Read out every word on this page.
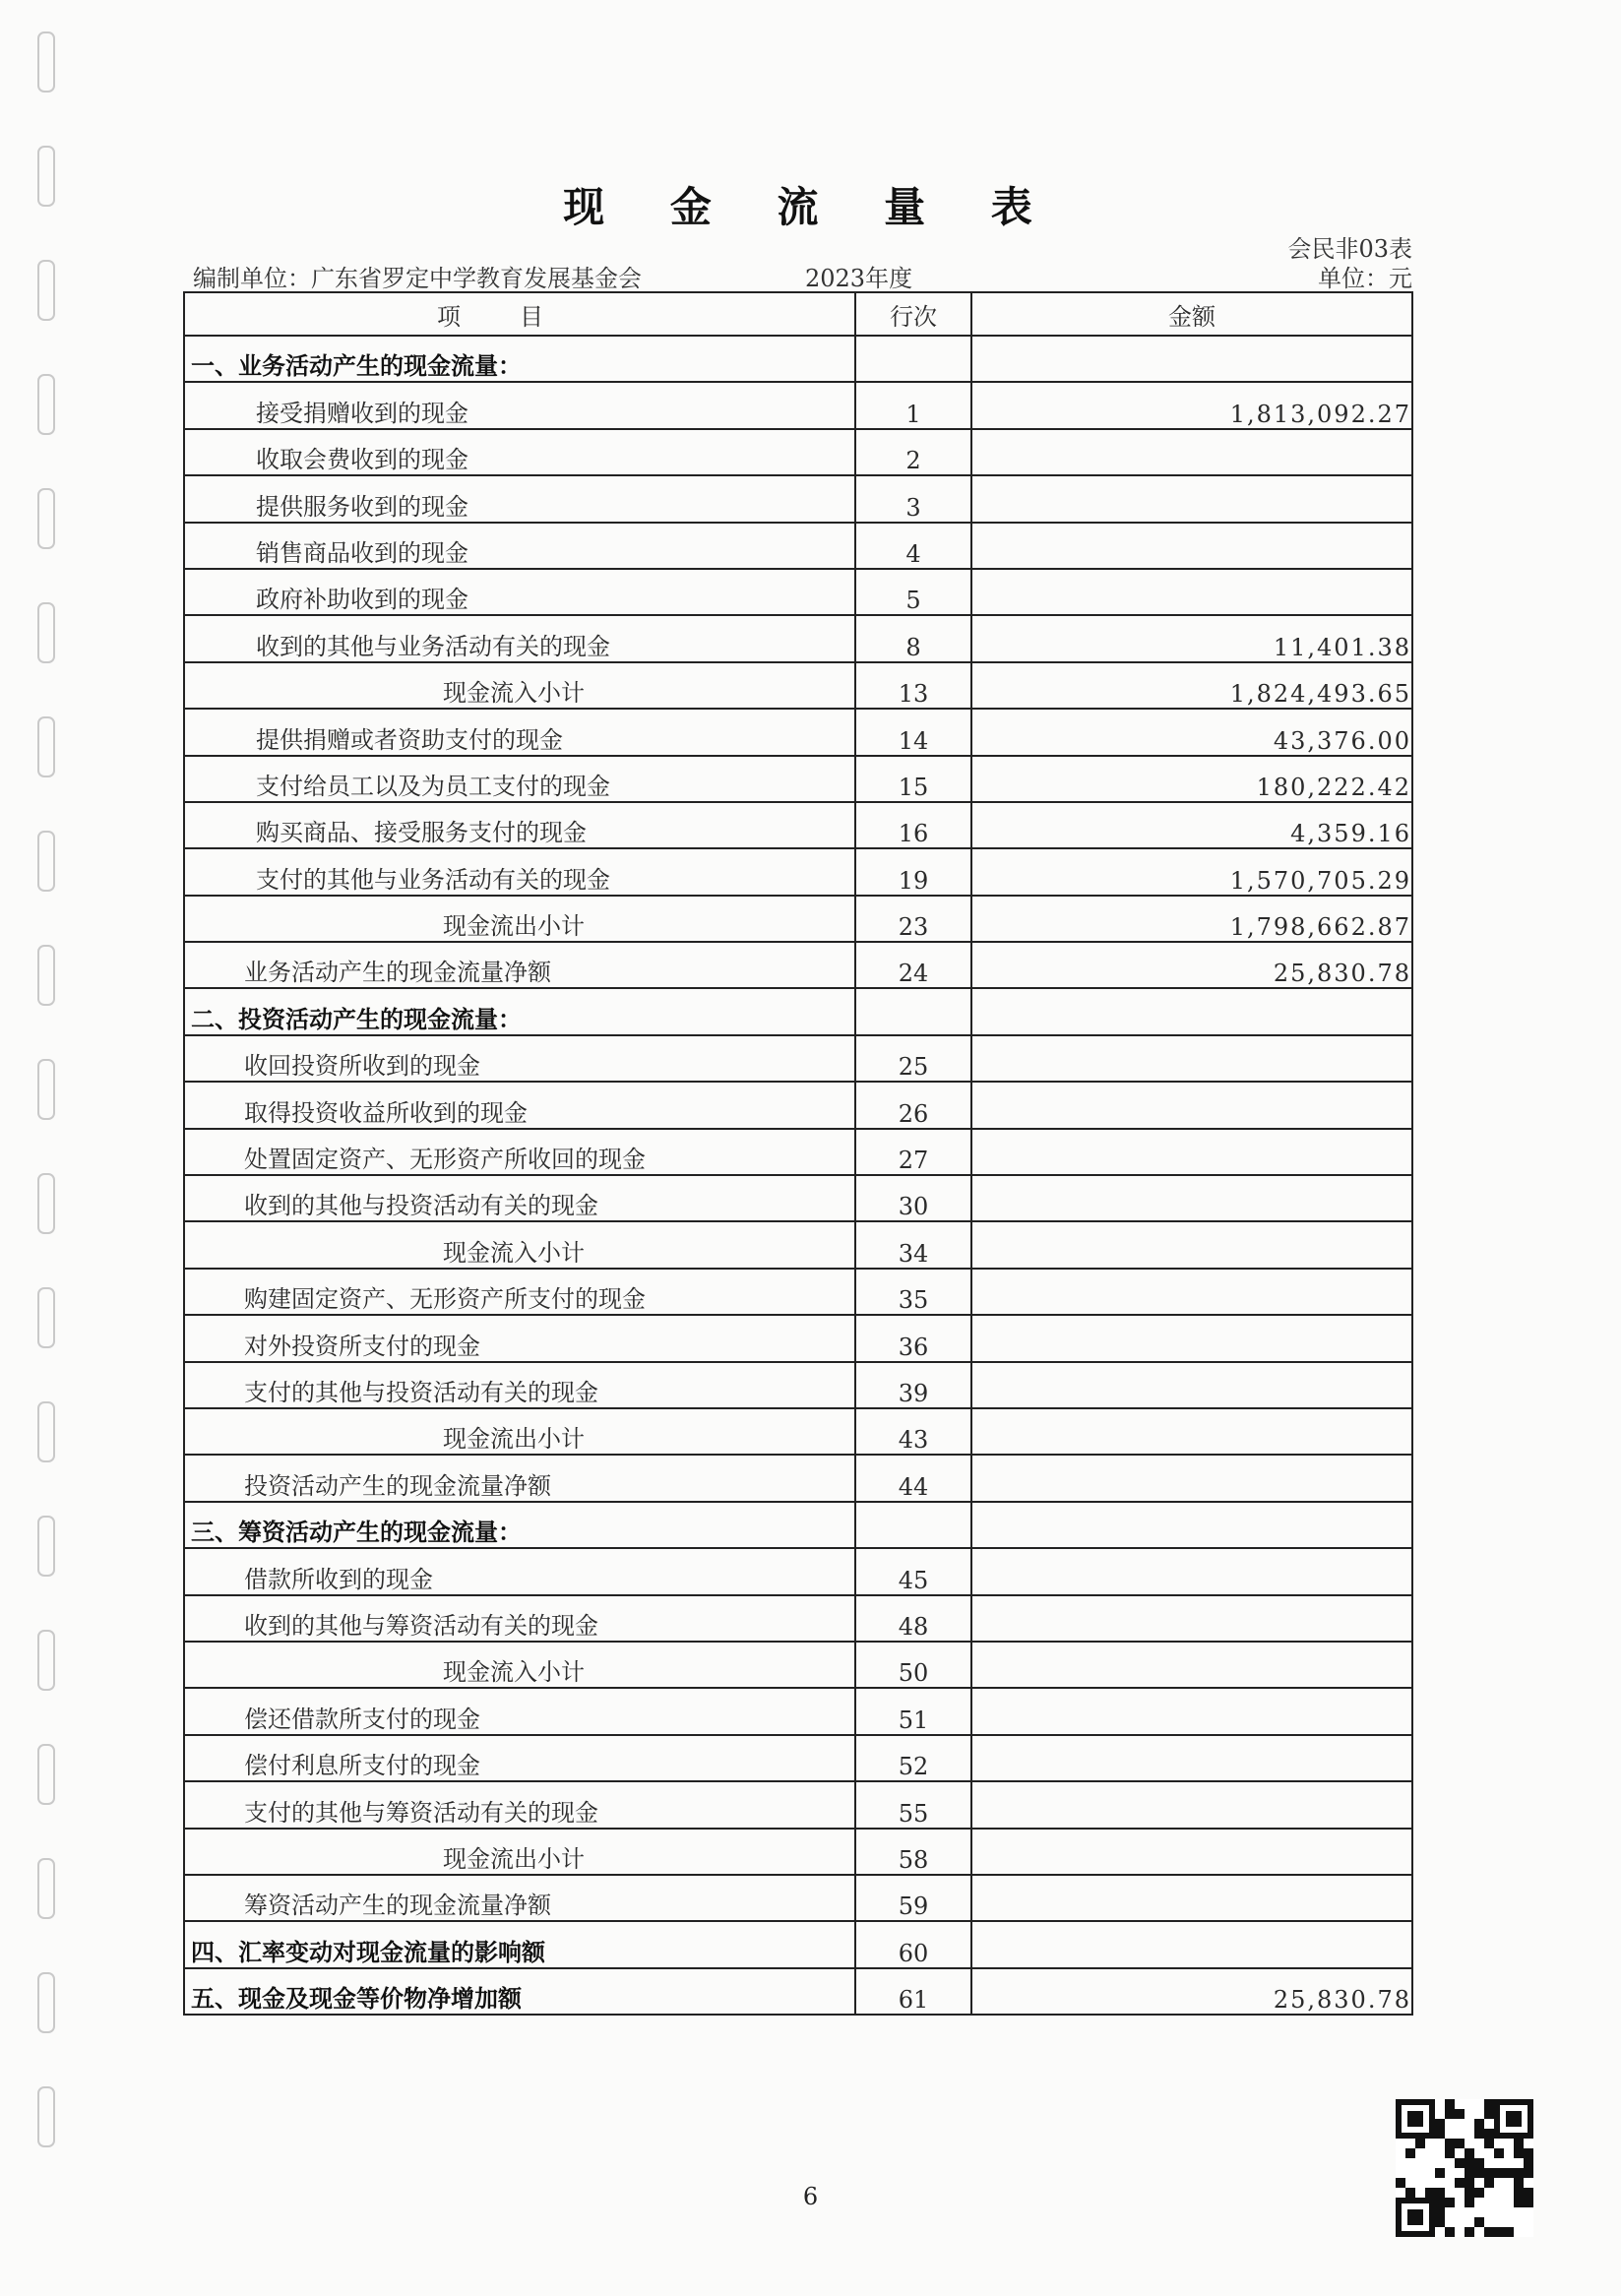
现 金 流 量 表
会民非03表
编制单位：广东省罗定中学教育发展基金会	2023年度	单位：元
项目	行次	金额
一、业务活动产生的现金流量：		
接受捐赠收到的现金	1	1,813,092.27
收取会费收到的现金	2	
提供服务收到的现金	3	
销售商品收到的现金	4	
政府补助收到的现金	5	
收到的其他与业务活动有关的现金	8	11,401.38
现金流入小计	13	1,824,493.65
提供捐赠或者资助支付的现金	14	43,376.00
支付给员工以及为员工支付的现金	15	180,222.42
购买商品、接受服务支付的现金	16	4,359.16
支付的其他与业务活动有关的现金	19	1,570,705.29
现金流出小计	23	1,798,662.87
业务活动产生的现金流量净额	24	25,830.78
二、投资活动产生的现金流量：		
收回投资所收到的现金	25	
取得投资收益所收到的现金	26	
处置固定资产、无形资产所收回的现金	27	
收到的其他与投资活动有关的现金	30	
现金流入小计	34	
购建固定资产、无形资产所支付的现金	35	
对外投资所支付的现金	36	
支付的其他与投资活动有关的现金	39	
现金流出小计	43	
投资活动产生的现金流量净额	44	
三、筹资活动产生的现金流量：		
借款所收到的现金	45	
收到的其他与筹资活动有关的现金	48	
现金流入小计	50	
偿还借款所支付的现金	51	
偿付利息所支付的现金	52	
支付的其他与筹资活动有关的现金	55	
现金流出小计	58	
筹资活动产生的现金流量净额	59	
四、汇率变动对现金流量的影响额	60	
五、现金及现金等价物净增加额	61	25,830.78
6
